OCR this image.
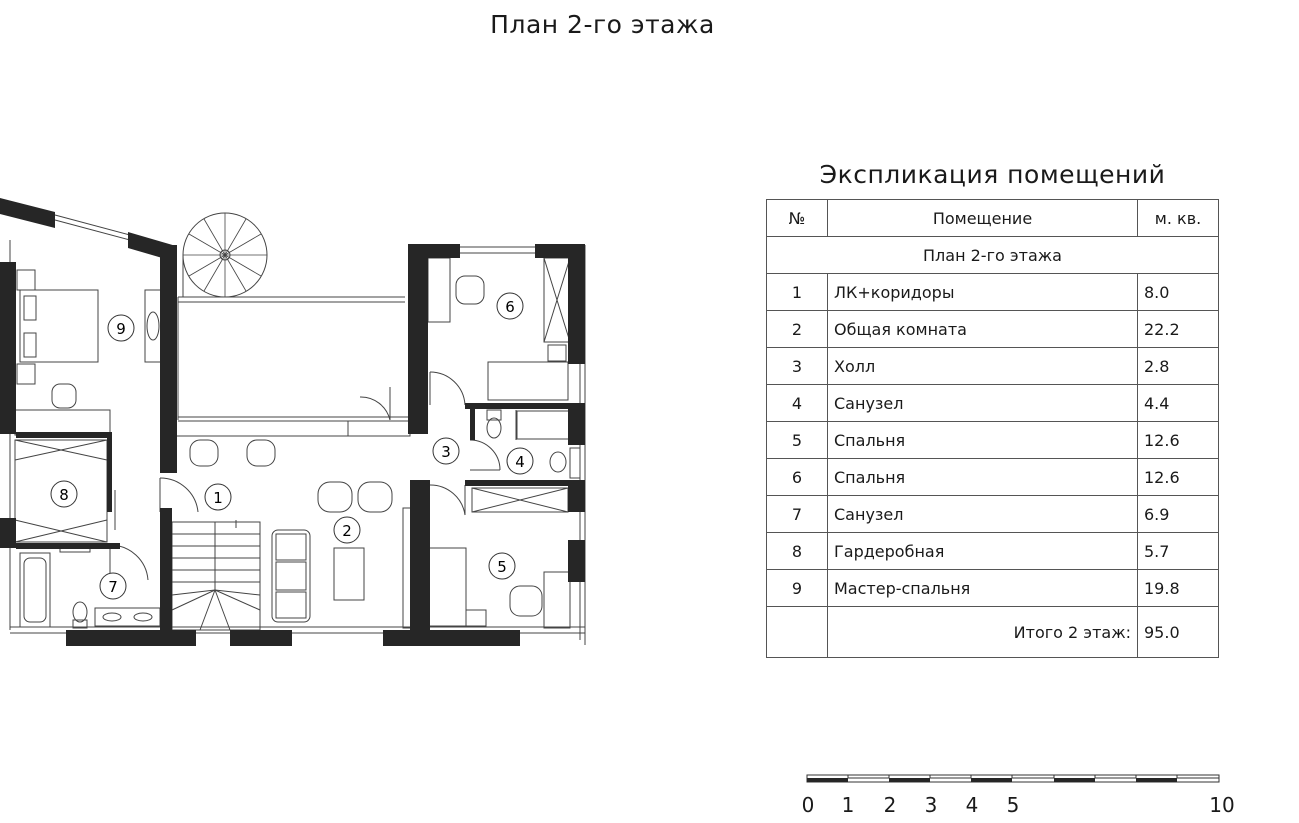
План 2-го этажа
1
2
3
4
5
6
7
8
9
Экспликация помещений
№	Помещение	м. кв.
План 2-го этажа		
1	ЛК+коридоры	8.0
2	Общая комната	22.2
3	Холл	2.8
4	Санузел	4.4
5	Спальня	12.6
6	Спальня	12.6
7	Санузел	6.9
8	Гардеробная	5.7
9	Мастер-спальня	19.8
	Итого 2 этаж:	95.0
0 1 2 3 4 5	10
